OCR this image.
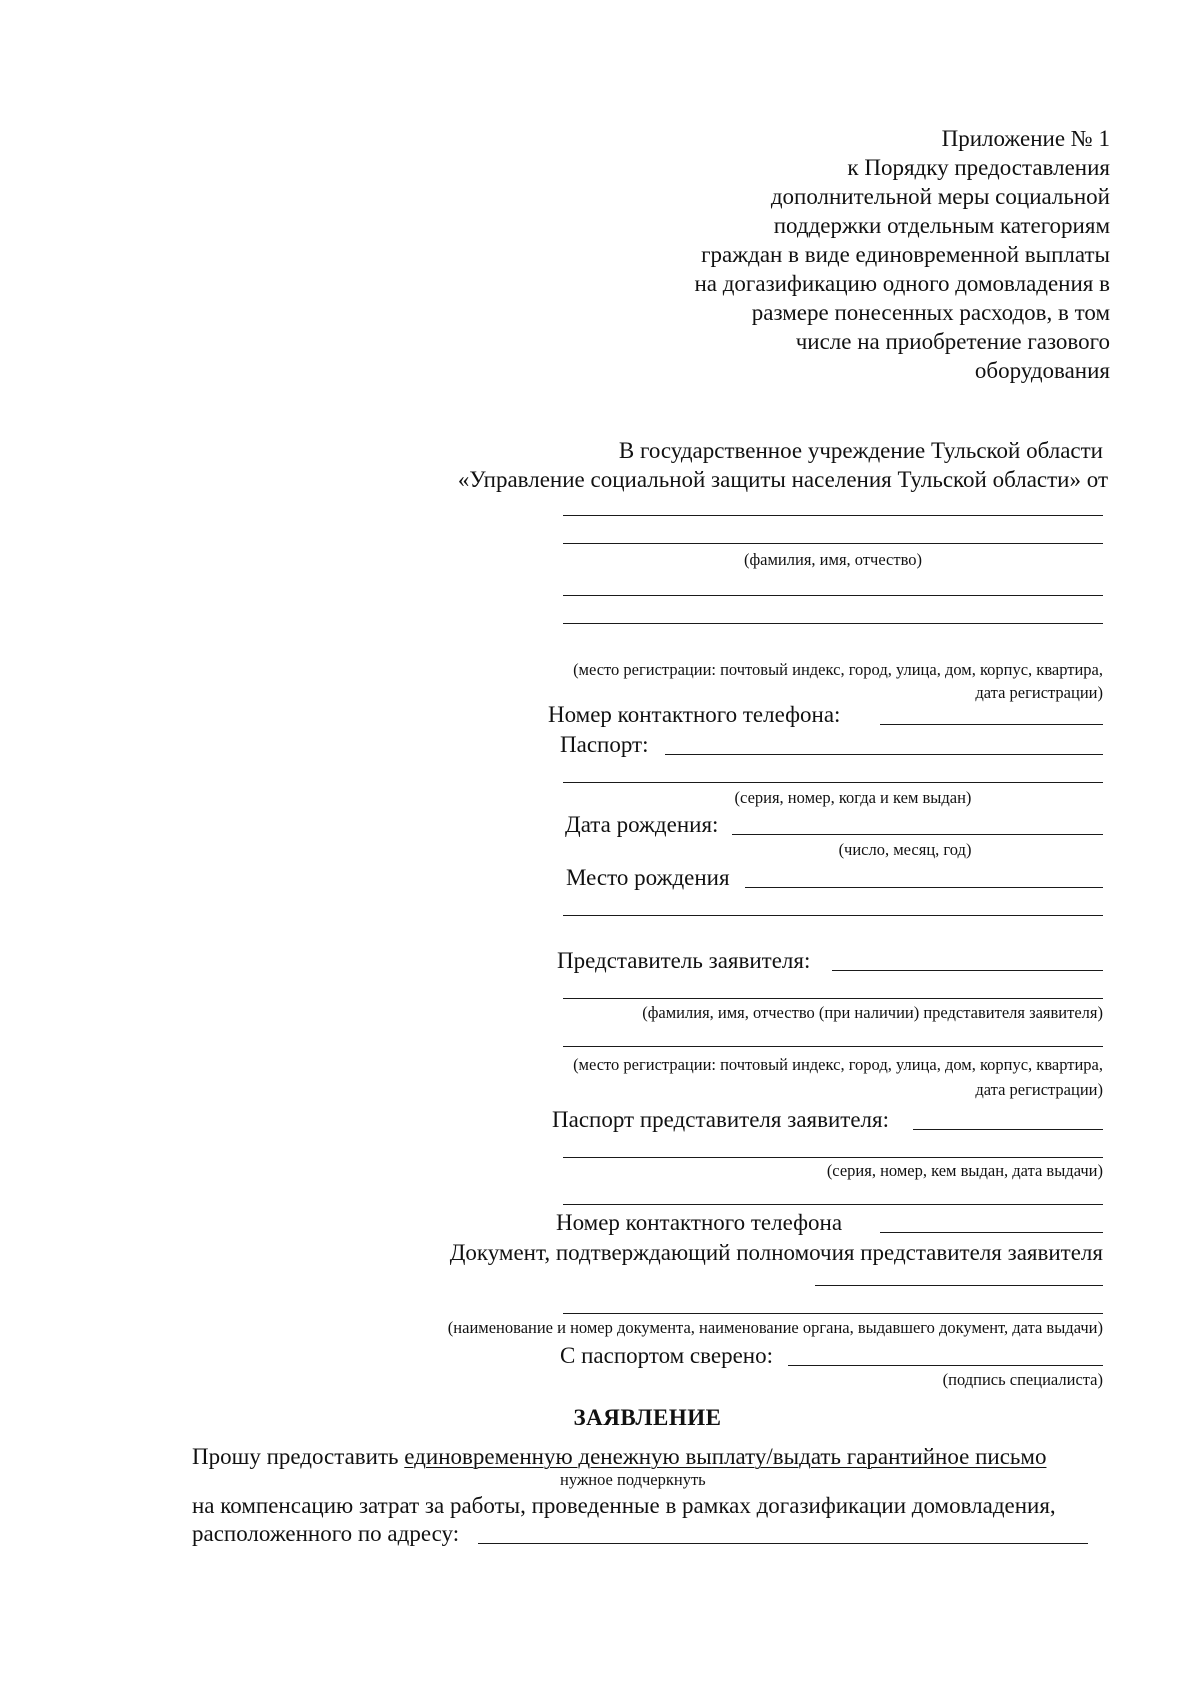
Приложение № 1
к Порядку предоставления
дополнительной меры социальной
поддержки отдельным категориям
граждан в виде единовременной выплаты
на догазификацию одного домовладения в
размере понесенных расходов, в том
числе на приобретение газового
оборудования
В государственное учреждение Тульской области
«Управление социальной защиты населения Тульской области» от
(фамилия, имя, отчество)
(место регистрации: почтовый индекс, город, улица, дом, корпус, квартира,
дата регистрации)
Номер контактного телефона:
Паспорт:
(серия, номер, когда и кем выдан)
Дата рождения:
(число, месяц, год)
Место рождения
Представитель заявителя:
(фамилия, имя, отчество (при наличии) представителя заявителя)
(место регистрации: почтовый индекс, город, улица, дом, корпус, квартира,
дата регистрации)
Паспорт представителя заявителя:
(серия, номер, кем выдан, дата выдачи)
Номер контактного телефона
Документ, подтверждающий полномочия представителя заявителя
(наименование и номер документа, наименование органа, выдавшего документ, дата выдачи)
С паспортом сверено:
(подпись специалиста)
ЗАЯВЛЕНИЕ
Прошу предоставить единовременную денежную выплату/выдать гарантийное письмо
нужное подчеркнуть
на компенсацию затрат за работы, проведенные в рамках догазификации домовладения,
расположенного по адресу:
